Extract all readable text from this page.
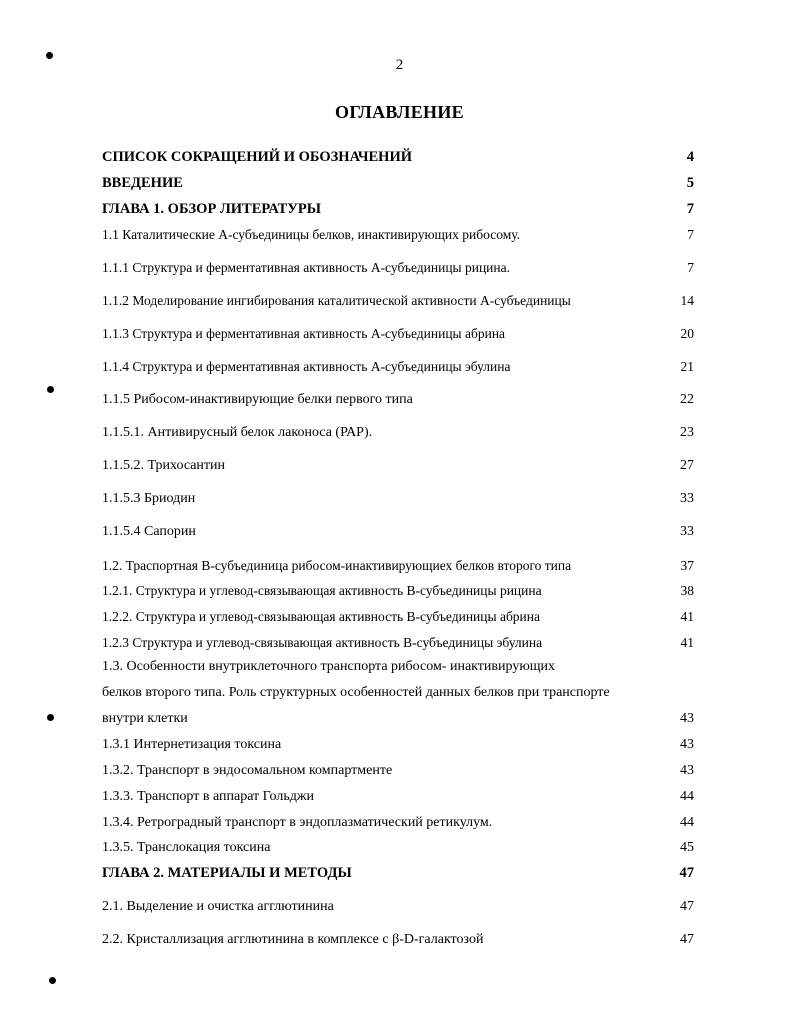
2
ОГЛАВЛЕНИЕ
СПИСОК СОКРАЩЕНИЙ И ОБОЗНАЧЕНИЙ	4
ВВЕДЕНИЕ	5
ГЛАВА 1. ОБЗОР ЛИТЕРАТУРЫ	7
1.1 Каталитические А-субъединицы белков, инактивирующих рибосому.	7
1.1.1 Структура и ферментативная активность А-субъединицы рицина.	7
1.1.2 Моделирование ингибирования каталитической активности А-субъединицы	14
1.1.3 Структура и ферментативная активность А-субъединицы абрина	20
1.1.4 Структура и ферментативная активность А-субъединицы эбулина	21
1.1.5 Рибосом-инактивирующие белки первого типа	22
1.1.5.1. Антивирусный белок лаконоса (РАР).	23
1.1.5.2. Трихосантин	27
1.1.5.3 Бриодин	33
1.1.5.4 Сапорин	33
1.2. Траспортная В-субъединица рибосом-инактивирующиех белков второго типа	37
1.2.1. Структура и углевод-связывающая активность В-субъединицы рицина	38
1.2.2. Структура и углевод-связывающая активность В-субъединицы абрина	41
1.2.3 Структура и углевод-связывающая активность В-субъединицы эбулина	41
1.3. Особенности внутриклеточного транспорта рибосом- инактивирующих
белков второго типа. Роль структурных особенностей данных белков при транспорте
внутри клетки	43
1.3.1 Интернетизация токсина	43
1.3.2. Транспорт в эндосомальном компартменте	43
1.3.3. Транспорт в аппарат Гольджи	44
1.3.4. Ретроградный транспорт в эндоплазматический ретикулум.	44
1.3.5. Транслокация токсина	45
ГЛАВА 2. МАТЕРИАЛЫ И МЕТОДЫ	47
2.1. Выделение и очистка агглютинина	47
2.2. Кристаллизация агглютинина в комплексе с β-D-галактозой	47
